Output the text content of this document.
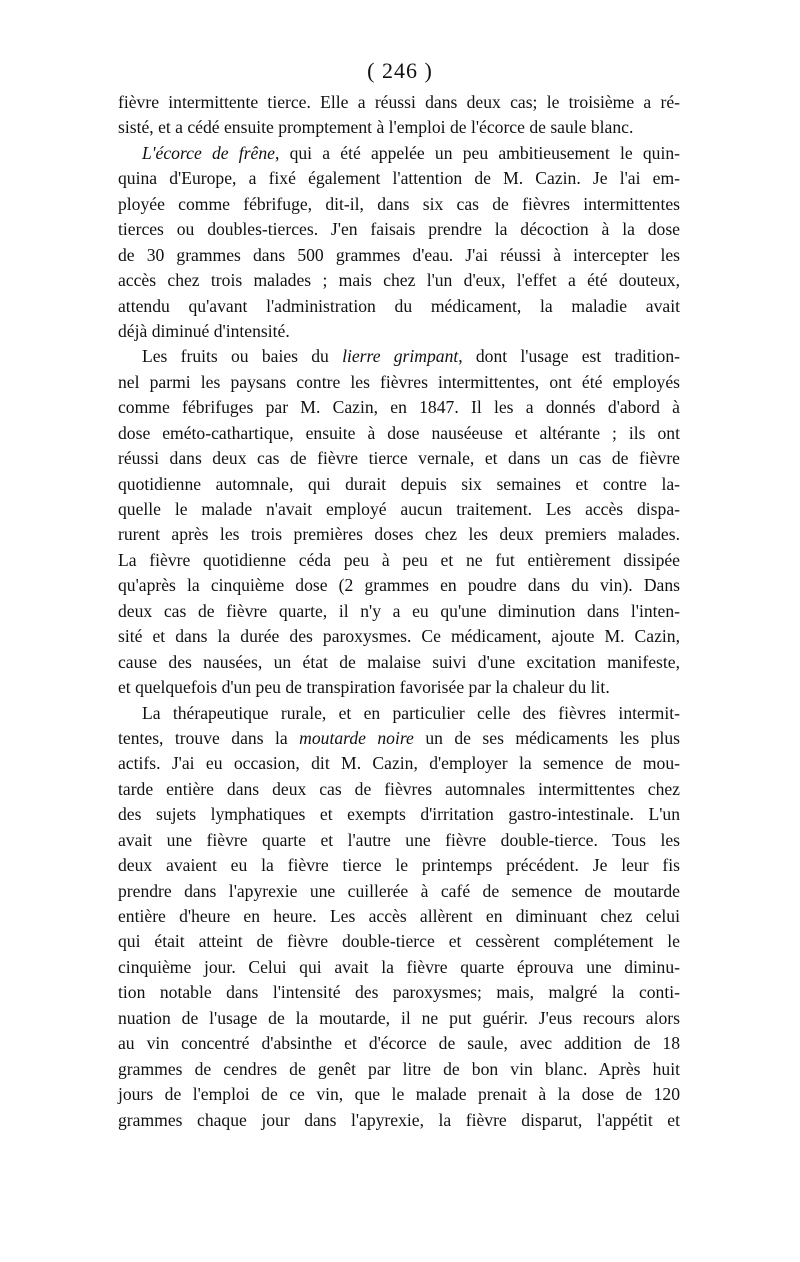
( 246 )
fièvre intermittente tierce. Elle a réussi dans deux cas; le troisième a ré-
sisté, et a cédé ensuite promptement à l'emploi de l'écorce de saule blanc.
L'écorce de frêne, qui a été appelée un peu ambitieusement le quin-
quina d'Europe, a fixé également l'attention de M. Cazin. Je l'ai em-
ployée comme fébrifuge, dit-il, dans six cas de fièvres intermittentes
tierces ou doubles-tierces. J'en faisais prendre la décoction à la dose
de 30 grammes dans 500 grammes d'eau. J'ai réussi à intercepter les
accès chez trois malades ; mais chez l'un d'eux, l'effet a été douteux,
attendu qu'avant l'administration du médicament, la maladie avait
déjà diminué d'intensité.
Les fruits ou baies du lierre grimpant, dont l'usage est tradition-
nel parmi les paysans contre les fièvres intermittentes, ont été employés
comme fébrifuges par M. Cazin, en 1847. Il les a donnés d'abord à
dose eméto-cathartique, ensuite à dose nauséeuse et altérante ; ils ont
réussi dans deux cas de fièvre tierce vernale, et dans un cas de fièvre
quotidienne automnale, qui durait depuis six semaines et contre la-
quelle le malade n'avait employé aucun traitement. Les accès dispa-
rurent après les trois premières doses chez les deux premiers malades.
La fièvre quotidienne céda peu à peu et ne fut entièrement dissipée
qu'après la cinquième dose (2 grammes en poudre dans du vin). Dans
deux cas de fièvre quarte, il n'y a eu qu'une diminution dans l'inten-
sité et dans la durée des paroxysmes. Ce médicament, ajoute M. Cazin,
cause des nausées, un état de malaise suivi d'une excitation manifeste,
et quelquefois d'un peu de transpiration favorisée par la chaleur du lit.
La thérapeutique rurale, et en particulier celle des fièvres intermit-
tentes, trouve dans la moutarde noire un de ses médicaments les plus
actifs. J'ai eu occasion, dit M. Cazin, d'employer la semence de mou-
tarde entière dans deux cas de fièvres automnales intermittentes chez
des sujets lymphatiques et exempts d'irritation gastro-intestinale. L'un
avait une fièvre quarte et l'autre une fièvre double-tierce. Tous les
deux avaient eu la fièvre tierce le printemps précédent. Je leur fis
prendre dans l'apyrexie une cuillerée à café de semence de moutarde
entière d'heure en heure. Les accès allèrent en diminuant chez celui
qui était atteint de fièvre double-tierce et cessèrent complétement le
cinquième jour. Celui qui avait la fièvre quarte éprouva une diminu-
tion notable dans l'intensité des paroxysmes; mais, malgré la conti-
nuation de l'usage de la moutarde, il ne put guérir. J'eus recours alors
au vin concentré d'absinthe et d'écorce de saule, avec addition de 18
grammes de cendres de genêt par litre de bon vin blanc. Après huit
jours de l'emploi de ce vin, que le malade prenait à la dose de 120
grammes chaque jour dans l'apyrexie, la fièvre disparut, l'appétit et
